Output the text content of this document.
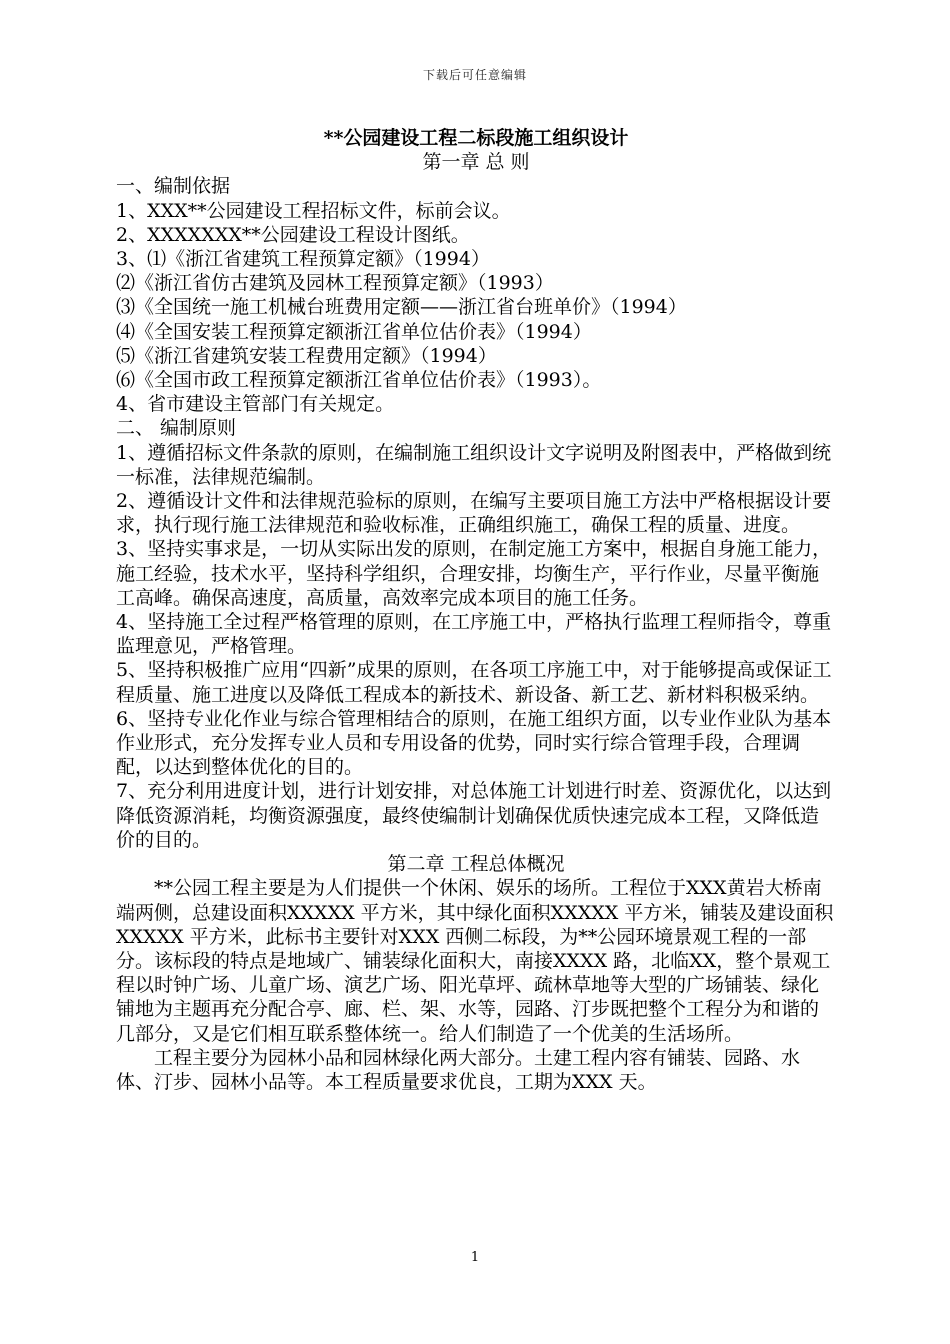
下载后可任意编辑

**公园建设工程二标段施工组织设计

第一章 总 则

一、编制依据

1、XXX**公园建设工程招标文件，标前会议。

2、XXXXXXX**公园建设工程设计图纸。

3、⑴《浙江省建筑工程预算定额》（1994）

⑵《浙江省仿古建筑及园林工程预算定额》（1993）

⑶《全国统一施工机械台班费用定额——浙江省台班单价》（1994）

⑷《全国安装工程预算定额浙江省单位估价表》（1994）

⑸《浙江省建筑安装工程费用定额》（1994）

⑹《全国市政工程预算定额浙江省单位估价表》（1993）。

4、省市建设主管部门有关规定。

二、 编制原则

1、遵循招标文件条款的原则，在编制施工组织设计文字说明及附图表中，严格做到统一标准，法律规范编制。

2、遵循设计文件和法律规范验标的原则，在编写主要项目施工方法中严格根据设计要求，执行现行施工法律规范和验收标准，正确组织施工，确保工程的质量、进度。

3、坚持实事求是，一切从实际出发的原则，在制定施工方案中，根据自身施工能力，施工经验，技术水平，坚持科学组织，合理安排，均衡生产，平行作业，尽量平衡施工高峰。确保高速度，高质量，高效率完成本项目的施工任务。

4、坚持施工全过程严格管理的原则，在工序施工中，严格执行监理工程师指令，尊重监理意见，严格管理。

5、坚持积极推广应用“四新”成果的原则，在各项工序施工中，对于能够提高或保证工程质量、施工进度以及降低工程成本的新技术、新设备、新工艺、新材料积极采纳。

6、坚持专业化作业与综合管理相结合的原则，在施工组织方面，以专业作业队为基本作业形式，充分发挥专业人员和专用设备的优势，同时实行综合管理手段，合理调配，以达到整体优化的目的。

7、充分利用进度计划，进行计划安排，对总体施工计划进行时差、资源优化，以达到降低资源消耗，均衡资源强度，最终使编制计划确保优质快速完成本工程，又降低造价的目的。

第二章 工程总体概况

**公园工程主要是为人们提供一个休闲、娱乐的场所。工程位于XXX黄岩大桥南端两侧，总建设面积XXXXX 平方米，其中绿化面积XXXXX 平方米，铺装及建设面积XXXXX 平方米，此标书主要针对XXX 西侧二标段，为**公园环境景观工程的一部分。该标段的特点是地域广、铺装绿化面积大，南接XXXX 路，北临XX，整个景观工程以时钟广场、儿童广场、演艺广场、阳光草坪、疏林草地等大型的广场铺装、绿化铺地为主题再充分配合亭、廊、栏、架、水等，园路、汀步既把整个工程分为和谐的几部分，又是它们相互联系整体统一。给人们制造了一个优美的生活场所。

工程主要分为园林小品和园林绿化两大部分。土建工程内容有铺装、园路、水体、汀步、园林小品等。本工程质量要求优良，工期为XXX 天。

1
